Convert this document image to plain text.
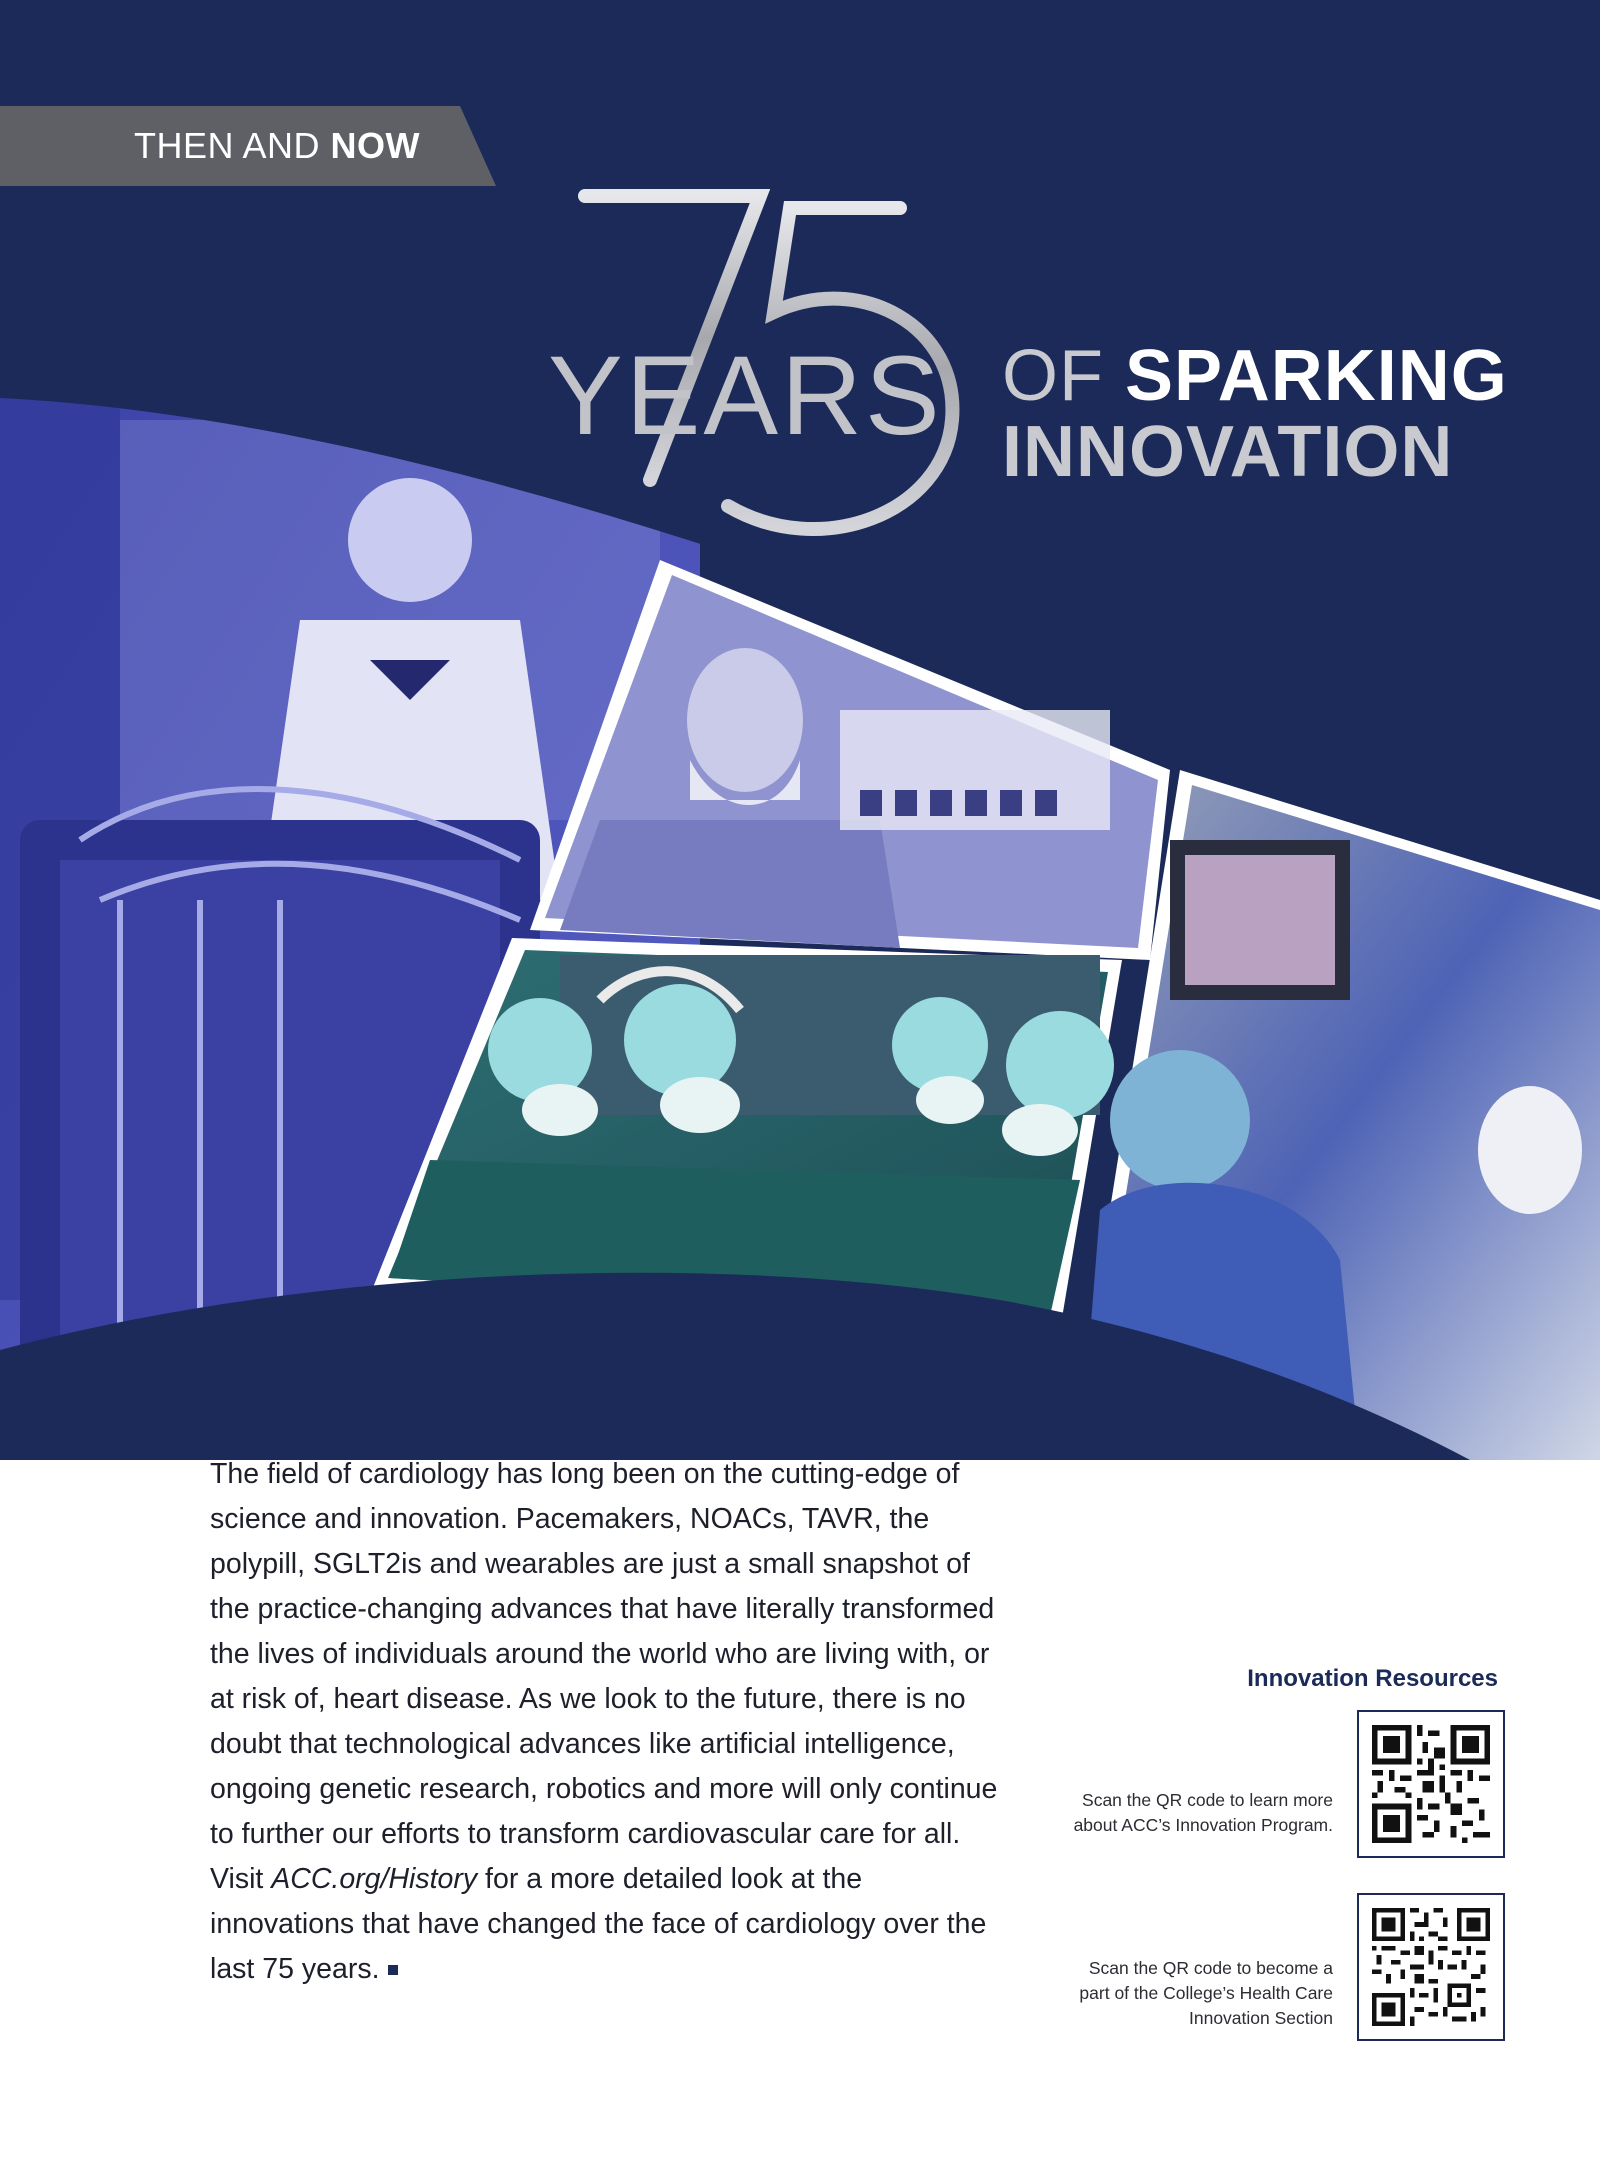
THEN AND NOW
YEARS OF SPARKING
INNOVATION

The field of cardiology has long been on the cutting-edge of science and innovation. Pacemakers, NOACs, TAVR, the polypill, SGLT2is and wearables are just a small snapshot of the practice-changing advances that have literally transformed the lives of individuals around the world who are living with, or at risk of, heart disease. As we look to the future, there is no doubt that technological advances like artificial intelligence, ongoing genetic research, robotics and more will only continue to further our efforts to transform cardiovascular care for all. Visit ACC.org/History for a more detailed look at the innovations that have changed the face of cardiology over the last 75 years.

Innovation Resources
Scan the QR code to learn more about ACC’s Innovation Program.
Scan the QR code to become a part of the College’s Health Care Innovation Section
